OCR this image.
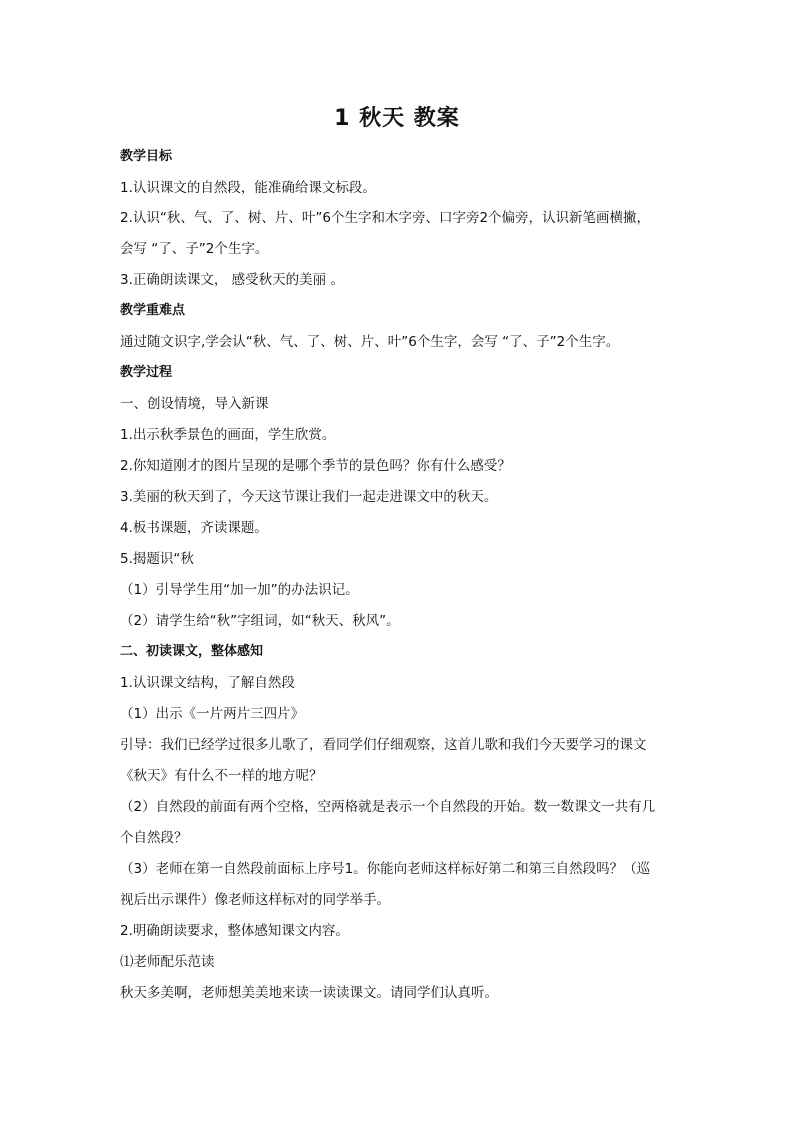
1 秋天 教案
教学目标
1.认识课文的自然段，能准确给课文标段。
2.认识“秋、气、了、树、片、叶”6个生字和木字旁、口字旁2个偏旁，认识新笔画横撇，
会写 “了、子”2个生字。
3.正确朗读课文， 感受秋天的美丽 。
教学重难点
通过随文识字,学会认“秋、气、了、树、片、叶”6个生字，会写 “了、子”2个生字。
教学过程
一、创设情境，导入新课
1.出示秋季景色的画面，学生欣赏。
2.你知道刚才的图片呈现的是哪个季节的景色吗？你有什么感受？
3.美丽的秋天到了，今天这节课让我们一起走进课文中的秋天。
4.板书课题，齐读课题。
5.揭题识“秋
（1）引导学生用“加一加”的办法识记。
（2）请学生给“秋”字组词，如“秋天、秋风”。
二、初读课文，整体感知
1.认识课文结构，了解自然段
（1）出示《一片两片三四片》
引导：我们已经学过很多儿歌了，看同学们仔细观察，这首儿歌和我们今天要学习的课文
《秋天》有什么不一样的地方呢？
（2）自然段的前面有两个空格，空两格就是表示一个自然段的开始。数一数课文一共有几
个自然段？
（3）老师在第一自然段前面标上序号1。你能向老师这样标好第二和第三自然段吗？（巡
视后出示课件）像老师这样标对的同学举手。
2.明确朗读要求，整体感知课文内容。
⑴老师配乐范读
秋天多美啊，老师想美美地来读一读读课文。请同学们认真听。
